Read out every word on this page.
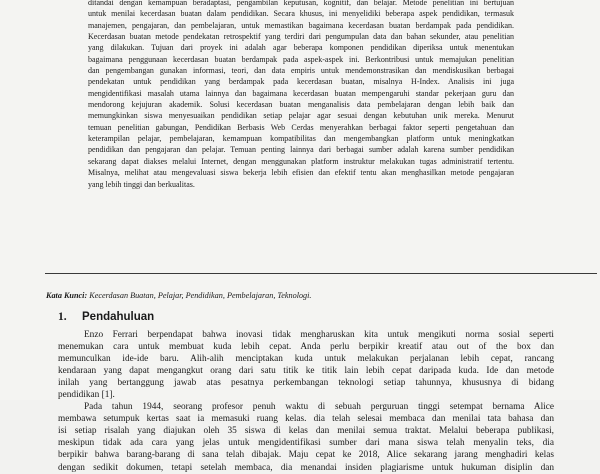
ditandai dengan kemampuan beradaptasi, pengambilan keputusan, kognitif, dan belajar. Metode penelitian ini bertujuan
untuk menilai kecerdasan buatan dalam pendidikan. Secara khusus, ini menyelidiki beberapa aspek pendidikan, termasuk
manajemen, pengajaran, dan pembelajaran, untuk memastikan bagaimana kecerdasan buatan berdampak pada pendidikan.
Kecerdasan buatan metode pendekatan retrospektif yang terdiri dari pengumpulan data dan bahan sekunder, atau penelitian
yang dilakukan. Tujuan dari proyek ini adalah agar beberapa komponen pendidikan diperiksa untuk menentukan
bagaimana penggunaan kecerdasan buatan berdampak pada aspek-aspek ini. Berkontribusi untuk memajukan penelitian
dan pengembangan gunakan informasi, teori, dan data empiris untuk mendemonstrasikan dan mendiskusikan berbagai
pendekatan untuk pendidikan yang berdampak pada kecerdasan buatan, misalnya H-Index. Analisis ini juga
mengidentifikasi masalah utama lainnya dan bagaimana kecerdasan buatan mempengaruhi standar pekerjaan guru dan
mendorong kejujuran akademik. Solusi kecerdasan buatan menganalisis data pembelajaran dengan lebih baik dan
memungkinkan siswa menyesuaikan pendidikan setiap pelajar agar sesuai dengan kebutuhan unik mereka. Menurut
temuan penelitian gabungan, Pendidikan Berbasis Web Cerdas menyerahkan berbagai faktor seperti pengetahuan dan
keterampilan pelajar, pembelajaran, kemampuan kompatibilitas dan mengembangkan platform untuk meningkatkan
pendidikan dan pengajaran dan pelajar. Temuan penting lainnya dari berbagai sumber adalah karena sumber pendidikan
sekarang dapat diakses melalui Internet, dengan menggunakan platform instruktur melakukan tugas administratif tertentu.
Misalnya, melihat atau mengevaluasi siswa bekerja lebih efisien dan efektif tentu akan menghasilkan metode pengajaran
yang lebih tinggi dan berkualitas.
Kata Kunci: Kecerdasan Buatan, Pelajar, Pendidikan, Pembelajaran, Teknologi.
1. Pendahuluan
Enzo Ferrari berpendapat bahwa inovasi tidak mengharuskan kita untuk mengikuti norma sosial seperti
menemukan cara untuk membuat kuda lebih cepat. Anda perlu berpikir kreatif atau out of the box dan
memunculkan ide-ide baru. Alih-alih menciptakan kuda untuk melakukan perjalanan lebih cepat, rancang
kendaraan yang dapat mengangkut orang dari satu titik ke titik lain lebih cepat daripada kuda. Ide dan metode
inilah yang bertanggung jawab atas pesatnya perkembangan teknologi setiap tahunnya, khususnya di bidang
pendidikan [1].
Pada tahun 1944, seorang profesor penuh waktu di sebuah perguruan tinggi setempat bernama Alice
membawa setumpuk kertas saat ia memasuki ruang kelas. dia telah selesai membaca dan menilai tata bahasa dan
isi setiap risalah yang diajukan oleh 35 siswa di kelas dan menilai semua traktat. Melalui beberapa publikasi,
meskipun tidak ada cara yang jelas untuk mengidentifikasi sumber dari mana siswa telah menyalin teks, dia
berpikir bahwa barang-barang di sana telah dibajak. Maju cepat ke 2018, Alice sekarang jarang menghadiri kelas
dengan sedikit dokumen, tetapi setelah membaca, dia menandai insiden plagiarisme untuk hukuman disiplin dan
